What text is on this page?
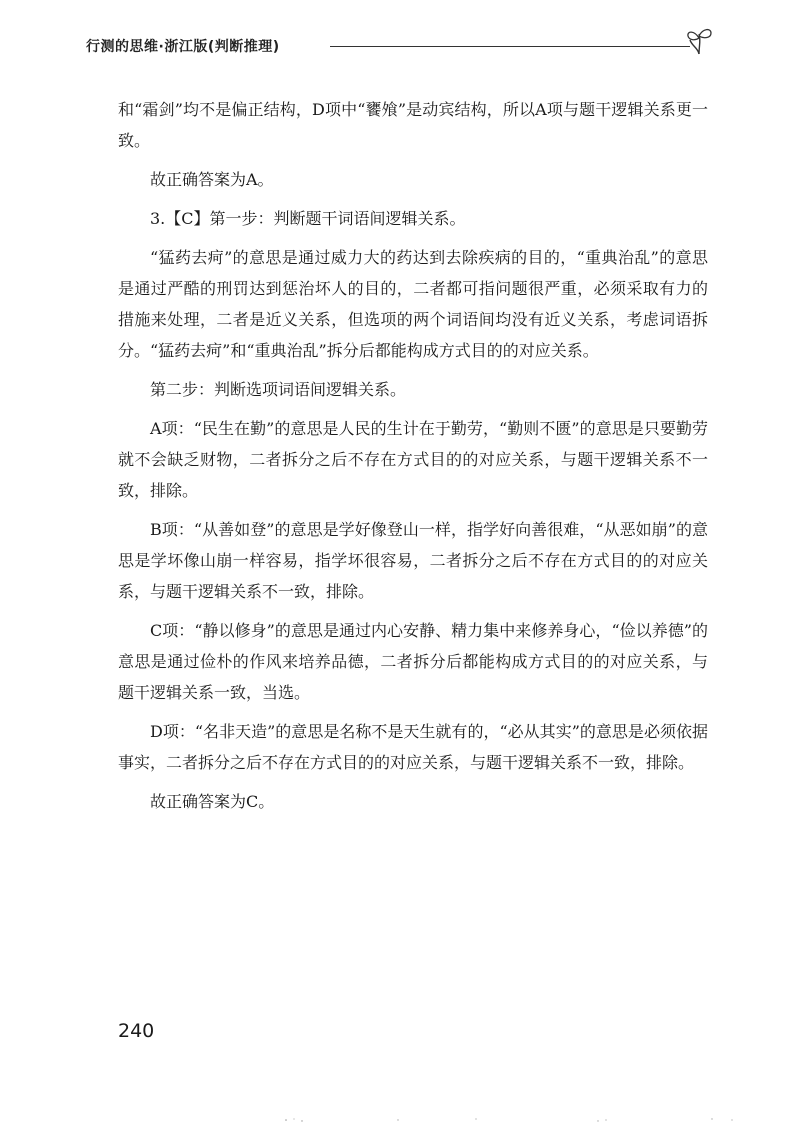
行测的思维·浙江版(判断推理)

和“霜剑”均不是偏正结构，D项中“饔飧”是动宾结构，所以A项与题干逻辑关系更一致。

故正确答案为A。

3.【C】第一步：判断题干词语间逻辑关系。

“猛药去疴”的意思是通过威力大的药达到去除疾病的目的，“重典治乱”的意思是通过严酷的刑罚达到惩治坏人的目的，二者都可指问题很严重，必须采取有力的措施来处理，二者是近义关系，但选项的两个词语间均没有近义关系，考虑词语拆分。“猛药去疴”和“重典治乱”拆分后都能构成方式目的的对应关系。

第二步：判断选项词语间逻辑关系。

A项：“民生在勤”的意思是人民的生计在于勤劳，“勤则不匮”的意思是只要勤劳就不会缺乏财物，二者拆分之后不存在方式目的的对应关系，与题干逻辑关系不一致，排除。

B项：“从善如登”的意思是学好像登山一样，指学好向善很难，“从恶如崩”的意思是学坏像山崩一样容易，指学坏很容易，二者拆分之后不存在方式目的的对应关系，与题干逻辑关系不一致，排除。

C项：“静以修身”的意思是通过内心安静、精力集中来修养身心，“俭以养德”的意思是通过俭朴的作风来培养品德，二者拆分后都能构成方式目的的对应关系，与题干逻辑关系一致，当选。

D项：“名非天造”的意思是名称不是天生就有的，“必从其实”的意思是必须依据事实，二者拆分之后不存在方式目的的对应关系，与题干逻辑关系不一致，排除。

故正确答案为C。

240
